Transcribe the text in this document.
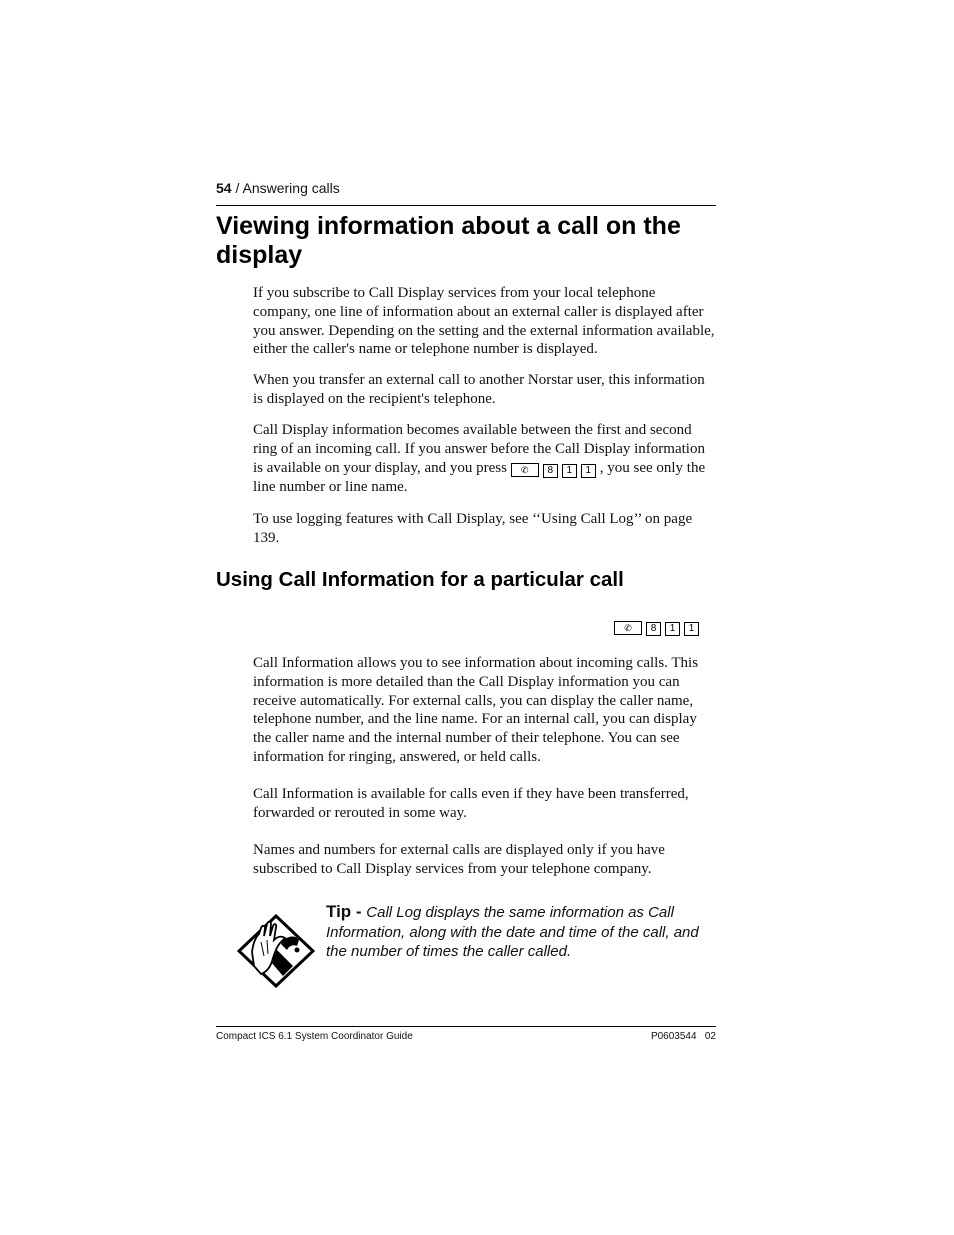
54 / Answering calls
Viewing information about a call on the display

If you subscribe to Call Display services from your local telephone company, one line of information about an external caller is displayed after you answer. Depending on the setting and the external information available, either the caller's name or telephone number is displayed.

When you transfer an external call to another Norstar user, this information is displayed on the recipient's telephone.

Call Display information becomes available between the first and second ring of an incoming call. If you answer before the Call Display information is available on your display, and you press ✆ 8 1 1 , you see only the line number or line name.

To use logging features with Call Display, see ‘‘Using Call Log’’ on page 139.

Using Call Information for a particular call
✆ 8 1 1

Call Information allows you to see information about incoming calls. This information is more detailed than the Call Display information you can receive automatically. For external calls, you can display the caller name, telephone number, and the line name. For an internal call, you can display the caller name and the internal number of their telephone. You can see information for ringing, answered, or held calls.

Call Information is available for calls even if they have been transferred, forwarded or rerouted in some way.

Names and numbers for external calls are displayed only if you have subscribed to Call Display services from your telephone company.

Tip - Call Log displays the same information as Call Information, along with the date and time of the call, and the number of times the caller called.
Compact ICS 6.1 System Coordinator Guide	P0603544   02
